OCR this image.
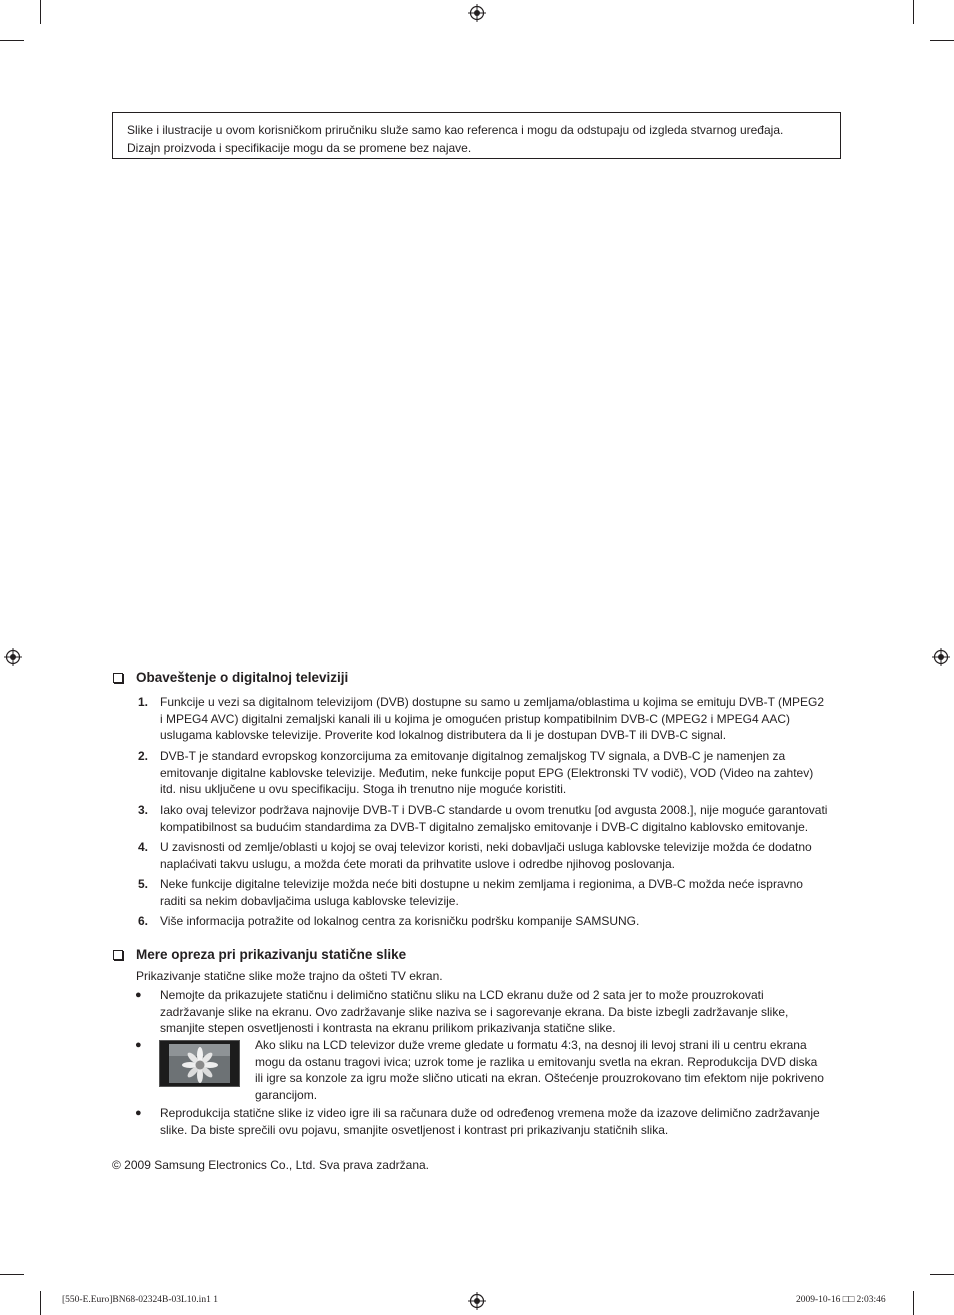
Slike i ilustracije u ovom korisničkom priručniku služe samo kao referenca i mogu da odstupaju od izgleda stvarnog uređaja.
Dizajn proizvoda i specifikacije mogu da se promene bez najave.
Obaveštenje o digitalnoj televiziji
1. Funkcije u vezi sa digitalnom televizijom (DVB) dostupne su samo u zemljama/oblastima u kojima se emituju DVB-T (MPEG2
i MPEG4 AVC) digitalni zemaljski kanali ili u kojima je omogućen pristup kompatibilnim DVB-C (MPEG2 i MPEG4 AAC)
uslugama kablovske televizije. Proverite kod lokalnog distributera da li je dostupan DVB-T ili DVB-C signal.
2. DVB-T je standard evropskog konzorcijuma za emitovanje digitalnog zemaljskog TV signala, a DVB-C je namenjen za
emitovanje digitalne kablovske televizije. Međutim, neke funkcije poput EPG (Elektronski TV vodič), VOD (Video na zahtev)
itd. nisu uključene u ovu specifikaciju. Stoga ih trenutno nije moguće koristiti.
3. Iako ovaj televizor podržava najnovije DVB-T i DVB-C standarde u ovom trenutku [od avgusta 2008.], nije moguće garantovati
kompatibilnost sa budućim standardima za DVB-T digitalno zemaljsko emitovanje i DVB-C digitalno kablovsko emitovanje.
4. U zavisnosti od zemlje/oblasti u kojoj se ovaj televizor koristi, neki dobavljači usluga kablovske televizije možda će dodatno
naplaćivati takvu uslugu, a možda ćete morati da prihvatite uslove i odredbe njihovog poslovanja.
5. Neke funkcije digitalne televizije možda neće biti dostupne u nekim zemljama i regionima, a DVB-C možda neće ispravno
raditi sa nekim dobavljačima usluga kablovske televizije.
6. Više informacija potražite od lokalnog centra za korisničku podršku kompanije SAMSUNG.
Mere opreza pri prikazivanju statične slike
Prikazivanje statične slike može trajno da ošteti TV ekran.
● Nemojte da prikazujete statičnu i delimično statičnu sliku na LCD ekranu duže od 2 sata jer to može prouzrokovati
zadržavanje slike na ekranu. Ovo zadržavanje slike naziva se i sagorevanje ekrana. Da biste izbegli zadržavanje slike,
smanjite stepen osvetljenosti i kontrasta na ekranu prilikom prikazivanja statične slike.
●	Ako sliku na LCD televizor duže vreme gledate u formatu 4:3, na desnoj ili levoj strani ili u centru ekrana
mogu da ostanu tragovi ivica; uzrok tome je razlika u emitovanju svetla na ekran. Reprodukcija DVD diska
ili igre sa konzole za igru može slično uticati na ekran. Oštećenje prouzrokovano tim efektom nije pokriveno
garancijom.
● Reprodukcija statične slike iz video igre ili sa računara duže od određenog vremena može da izazove delimično zadržavanje
slike. Da biste sprečili ovu pojavu, smanjite osvetljenost i kontrast pri prikazivanju statičnih slika.
© 2009 Samsung Electronics Co., Ltd. Sva prava zadržana.
[550-E.Euro]BN68-02324B-03L10.in1 1	2009-10-16 □□ 2:03:46
